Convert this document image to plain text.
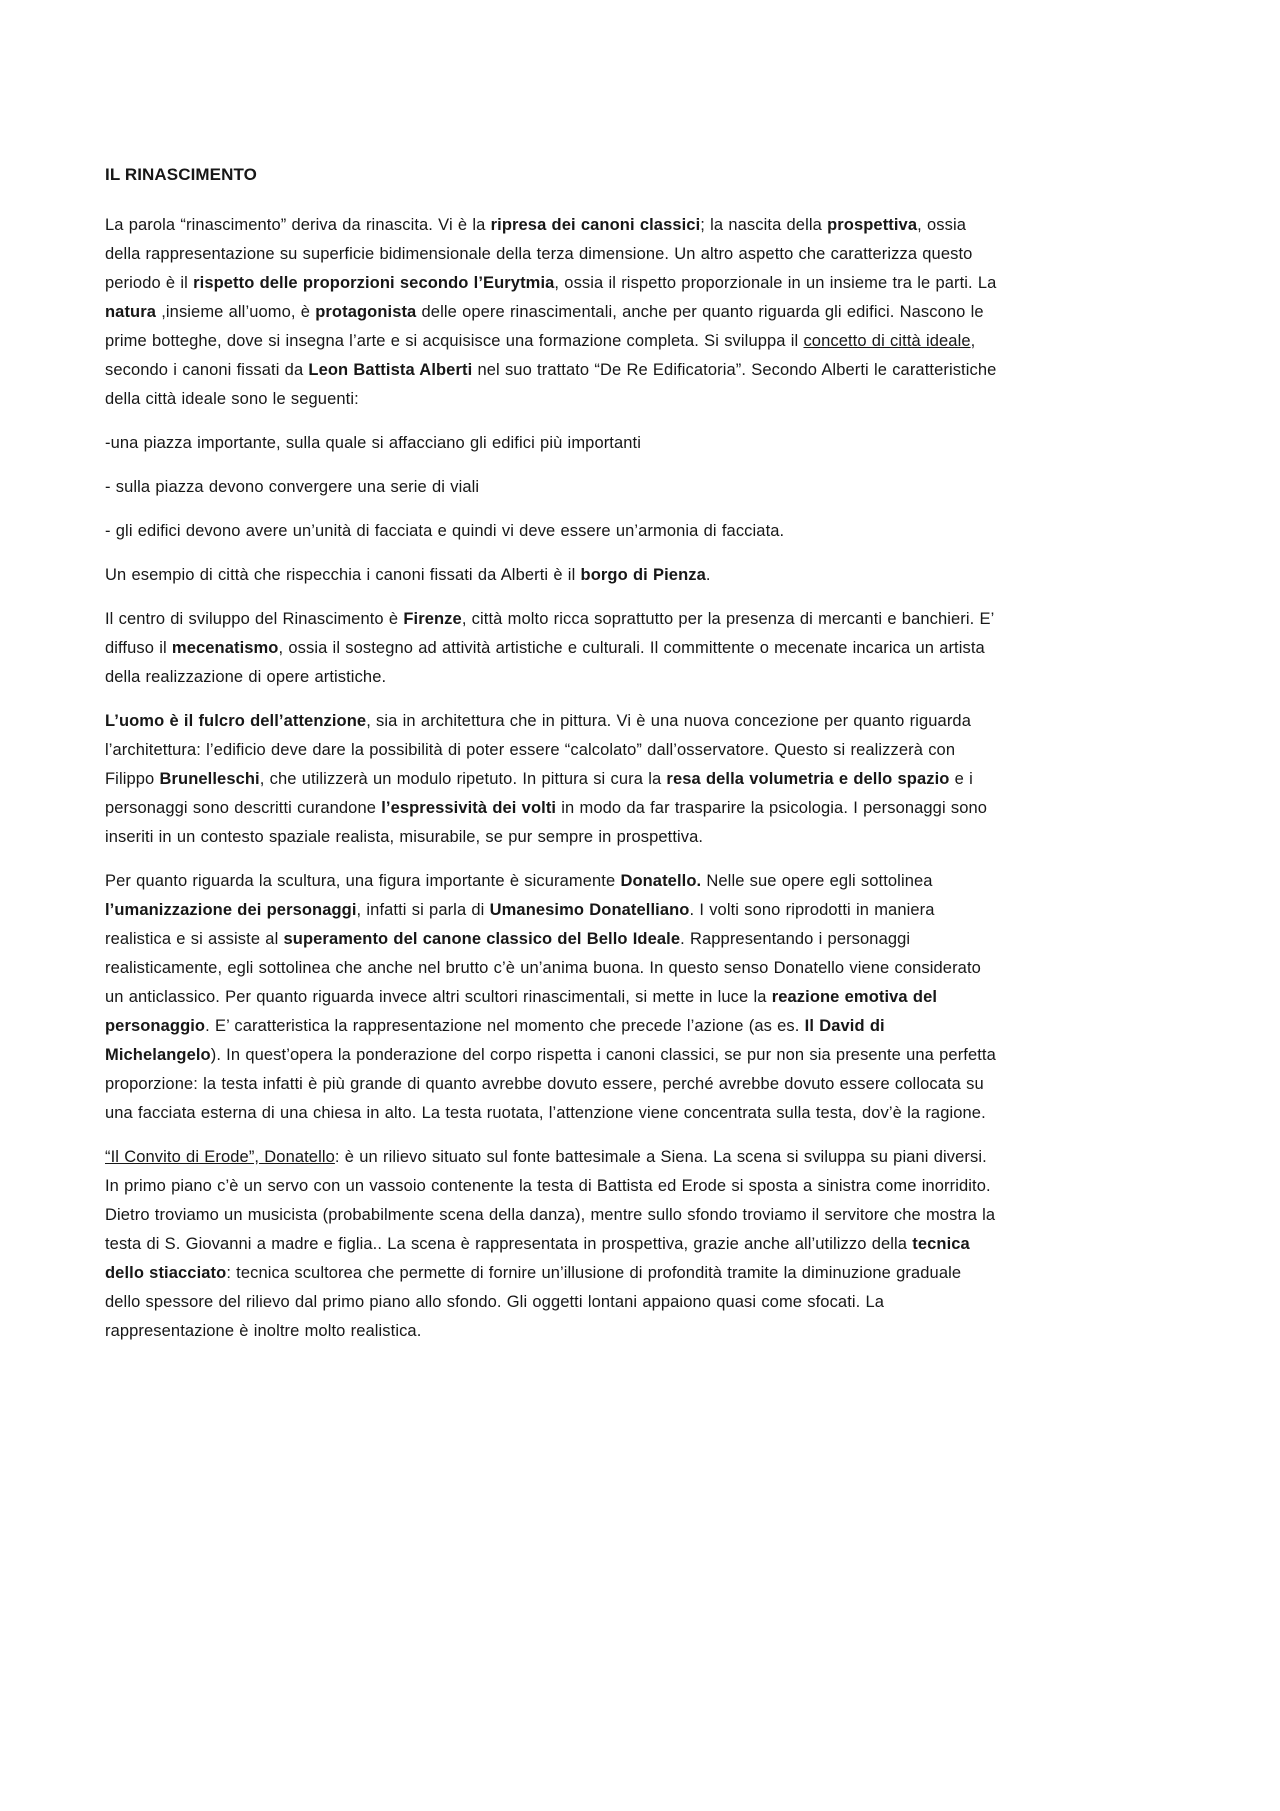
IL RINASCIMENTO

La parola “rinascimento” deriva da rinascita. Vi è la ripresa dei canoni classici; la nascita della prospettiva, ossia della rappresentazione su superficie bidimensionale della terza dimensione. Un altro aspetto che caratterizza questo periodo è il rispetto delle proporzioni secondo l’Eurytmia, ossia il rispetto proporzionale in un insieme tra le parti. La natura ,insieme all’uomo, è protagonista delle opere rinascimentali, anche per quanto riguarda gli edifici. Nascono le prime botteghe, dove si insegna l’arte e si acquisisce una formazione completa. Si sviluppa il concetto di città ideale, secondo i canoni fissati da Leon Battista Alberti nel suo trattato “De Re Edificatoria”. Secondo Alberti le caratteristiche della città ideale sono le seguenti:

-una piazza importante, sulla quale si affacciano gli edifici più importanti

- sulla piazza devono convergere una serie di viali

- gli edifici devono avere un’unità di facciata e quindi vi deve essere un’armonia di facciata.

Un esempio di città che rispecchia i canoni fissati da Alberti è il borgo di Pienza.

Il centro di sviluppo del Rinascimento è Firenze, città molto ricca soprattutto per la presenza di mercanti e banchieri. E’ diffuso il mecenatismo, ossia il sostegno ad attività artistiche e culturali. Il committente o mecenate incarica un artista della realizzazione di opere artistiche.

L’uomo è il fulcro dell’attenzione, sia in architettura che in pittura. Vi è una nuova concezione per quanto riguarda l’architettura: l’edificio deve dare la possibilità di poter essere “calcolato” dall’osservatore. Questo si realizzerà con Filippo Brunelleschi, che utilizzerà un modulo ripetuto. In pittura si cura la resa della volumetria e dello spazio e i personaggi sono descritti curandone l’espressività dei volti in modo da far trasparire la psicologia. I personaggi sono inseriti in un contesto spaziale realista, misurabile, se pur sempre in prospettiva.

Per quanto riguarda la scultura, una figura importante è sicuramente Donatello. Nelle sue opere egli sottolinea l’umanizzazione dei personaggi, infatti si parla di Umanesimo Donatelliano. I volti sono riprodotti in maniera realistica e si assiste al superamento del canone classico del Bello Ideale. Rappresentando i personaggi realisticamente, egli sottolinea che anche nel brutto c’è un’anima buona. In questo senso Donatello viene considerato un anticlassico. Per quanto riguarda invece altri scultori rinascimentali, si mette in luce la reazione emotiva del personaggio. E’ caratteristica la rappresentazione nel momento che precede l’azione (as es. Il David di Michelangelo). In quest’opera la ponderazione del corpo rispetta i canoni classici, se pur non sia presente una perfetta proporzione: la testa infatti è più grande di quanto avrebbe dovuto essere, perché avrebbe dovuto essere collocata su una facciata esterna di una chiesa in alto. La testa ruotata, l’attenzione viene concentrata sulla testa, dov’è la ragione.

“Il Convito di Erode”, Donatello: è un rilievo situato sul fonte battesimale a Siena. La scena si sviluppa su piani diversi. In primo piano c’è un servo con un vassoio contenente la testa di Battista ed Erode si sposta a sinistra come inorridito. Dietro troviamo un musicista (probabilmente scena della danza), mentre sullo sfondo troviamo il servitore che mostra la testa di S. Giovanni a madre e figlia.. La scena è rappresentata in prospettiva, grazie anche all’utilizzo della tecnica dello stiacciato: tecnica scultorea che permette di fornire un’illusione di profondità tramite la diminuzione graduale dello spessore del rilievo dal primo piano allo sfondo. Gli oggetti lontani appaiono quasi come sfocati. La rappresentazione è inoltre molto realistica.
